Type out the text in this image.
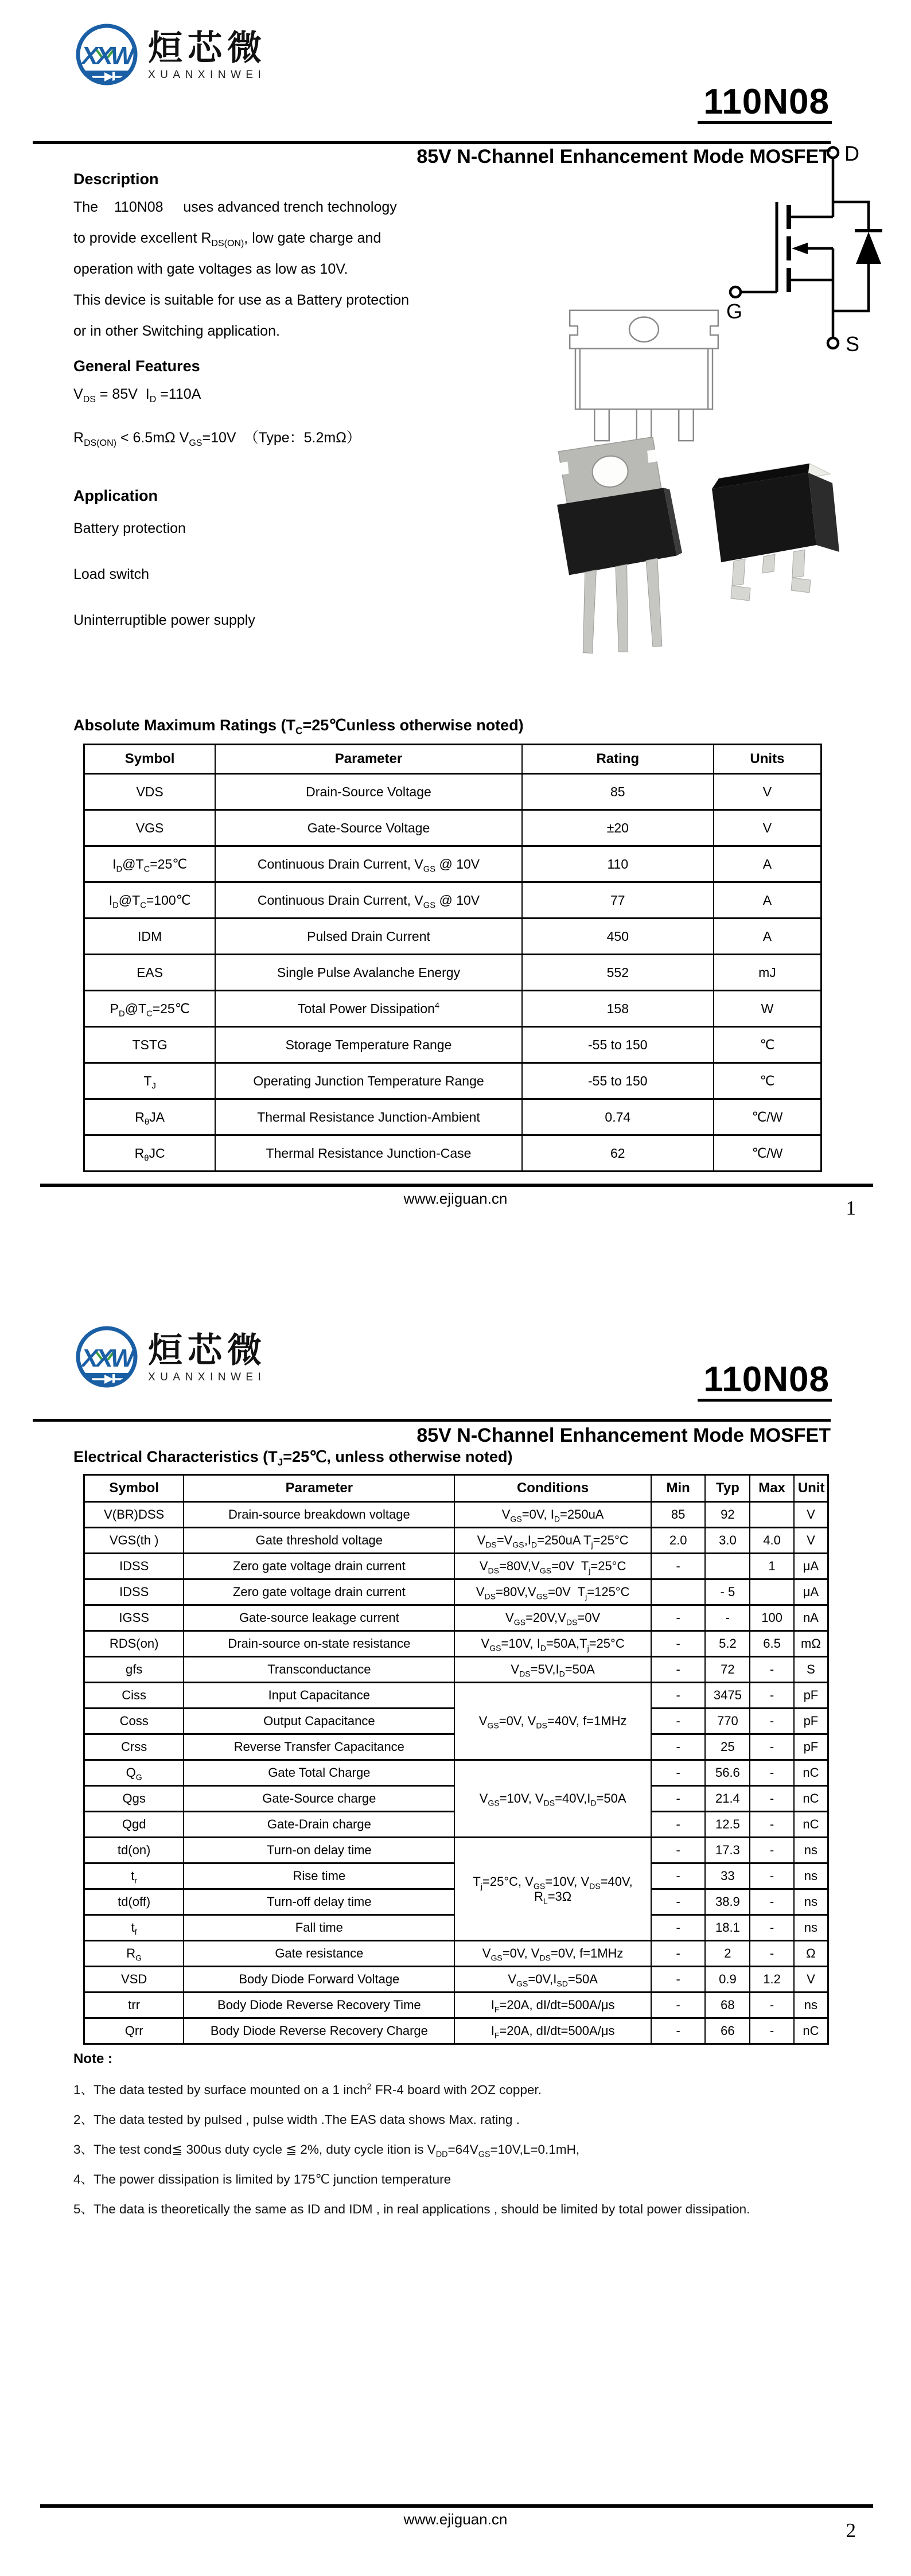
XXW 烜芯微
XUANXINWEI
110N08
85V N-Channel Enhancement Mode MOSFET
Description
The    110N08     uses advanced trench technology
to provide excellent $R_{DS(ON)}$, low gate charge and
operation with gate voltages as low as 10V.
This device is suitable for use as a Battery protection
or in other Switching application.
General Features
$V_{DS} = 85V$  $I_D =110A$
$R_{DS(ON)} < 6.5m\Omega$ $V_{GS}=10V$  （Type：5.2mΩ）
Application
Battery protection
Load switch
Uninterruptible power supply
D
G
S
Absolute Maximum Ratings ($T_C=25℃unless$ otherwise noted)
Symbol	Parameter	Rating	Units
VDS	Drain-Source Voltage	85	V
VGS	Gate-Source Voltage	±20	V
$I_D@T_C=25℃$	Continuous Drain Current, $V_{GS}$ @ 10V	110	A
$I_D@T_C=100℃$	Continuous Drain Current, $V_{GS}$ @ 10V	77	A
IDM	Pulsed Drain Current	450	A
EAS	Single Pulse Avalanche Energy	552	mJ
$P_D@T_C=25℃$	Total Power Dissipation$^4$	158	W
TSTG	Storage Temperature Range	-55 to 150	℃
$T_J$	Operating Junction Temperature Range	-55 to 150	℃
$R_\theta JA$	Thermal Resistance Junction-Ambient	0.74	℃/W
$R_\theta JC$	Thermal Resistance Junction-Case	62	℃/W
www.ejiguan.cn	1
XXW 烜芯微
XUANXINWEI	110N08
85V N-Channel Enhancement Mode MOSFET
Electrical Characteristics ($T_J=25℃$, unless otherwise noted)
Symbol	Parameter	Conditions	Min	Typ	Max	Unit
V(BR)DSS	Drain-source breakdown voltage	$V_{GS}=0V$, $I_D=250uA$	85	92		V
VGS(th )	Gate threshold voltage	$V_{DS}=V_{GS},I_D=250uA$ $T_j=25^\circ C$	2.0	3.0	4.0	V
IDSS	Zero gate voltage drain current	$V_{DS}=80V,V_{GS}=0V$  $T_j=25^\circ C$	-		1	μA
IDSS	Zero gate voltage drain current	$V_{DS}=80V,V_{GS}=0V$  $T_j=125^\circ C$		- 5		μA
IGSS	Gate-source leakage current	$V_{GS}=20V,V_{DS}=0V$	-	-	100	nA
RDS(on)	Drain-source on-state resistance	$V_{GS}=10V$, $I_D=50A,T_j=25^\circ C$	-	5.2	6.5	mΩ
gfs	Transconductance	$V_{DS}=5V,I_D=50A$	-	72	-	S
Ciss	Input Capacitance	$V_{GS}=0V$, $V_{DS}=40V$, f=1MHz	-	3475	-	pF
Coss	Output Capacitance		-	770	-	pF
Crss	Reverse Transfer Capacitance		-	25	-	pF
$Q_G$	Gate Total Charge	$V_{GS}=10V$, $V_{DS}=40V,I_D=50A$	-	56.6	-	nC
Qgs	Gate-Source charge		-	21.4	-	nC
Qgd	Gate-Drain charge		-	12.5	-	nC
td(on)	Turn-on delay time	$T_j=25^\circ C$, $V_{GS}=10V$, $V_{DS}=40V$,
$R_L=3\Omega$	-	17.3	-	ns
$t_r$	Rise time		-	33	-	ns
td(off)	Turn-off delay time		-	38.9	-	ns
$t_f$	Fall time		-	18.1	-	ns
$R_G$	Gate resistance	$V_{GS}=0V$, $V_{DS}=0V$, f=1MHz	-	2	-	Ω
VSD	Body Diode Forward Voltage	$V_{GS}=0V,I_{SD}=50A$	-	0.9	1.2	V
trr	Body Diode Reverse Recovery Time	$I_F=20A$, dI/dt=500A/μs	-	68	-	ns
Qrr	Body Diode Reverse Recovery Charge	$I_F=20A$, dI/dt=500A/μs	-	66	-	nC
Note :
1、The data tested by surface mounted on a 1 inch$^2$ FR-4 board with 2OZ copper.
2、The data tested by pulsed , pulse width .The EAS data shows Max. rating .
3、The test cond≦ 300us duty cycle ≦ 2%, duty cycle ition is $V_{DD}=64V_{GS}=10V,L=0.1mH$,
4、The power dissipation is limited by 175℃ junction temperature
5、The data is theoretically the same as ID and IDM , in real applications , should be limited by total power dissipation.
www.ejiguan.cn	2
